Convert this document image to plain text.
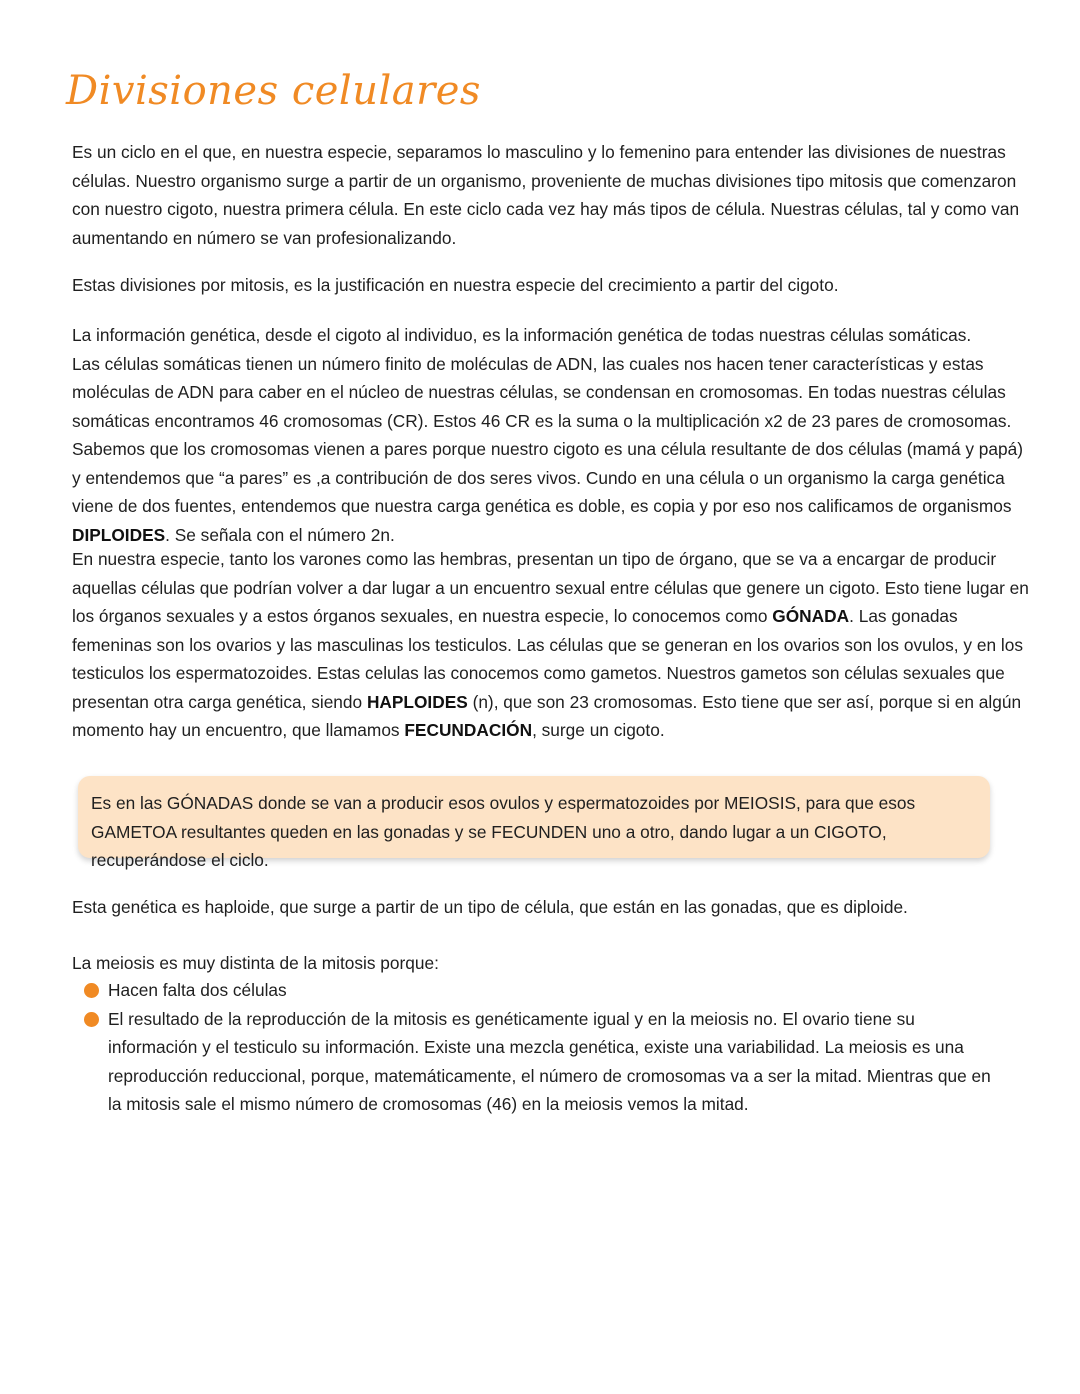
Divisiones celulares

Es un ciclo en el que, en nuestra especie, separamos lo masculino y lo femenino para entender las divisiones de nuestras células. Nuestro organismo surge a partir de un organismo, proveniente de muchas divisiones tipo mitosis que comenzaron con nuestro cigoto, nuestra primera célula. En este ciclo cada vez hay más tipos de célula. Nuestras células, tal y como van aumentando en número se van profesionalizando.

Estas divisiones por mitosis, es la justificación en nuestra especie del crecimiento a partir del cigoto.

La información genética, desde el cigoto al individuo, es la información genética de todas nuestras células somáticas.
Las células somáticas tienen un número finito de moléculas de ADN, las cuales nos hacen tener características y estas moléculas de ADN para caber en el núcleo de nuestras células, se condensan en cromosomas. En todas nuestras células somáticas encontramos 46 cromosomas (CR). Estos 46 CR es la suma o la multiplicación x2 de 23 pares de cromosomas. Sabemos que los cromosomas vienen a pares porque nuestro cigoto es una célula resultante de dos células (mamá y papá) y entendemos que “a pares” es ,a contribución de dos seres vivos. Cundo en una célula o un organismo la carga genética viene de dos fuentes, entendemos que nuestra carga genética es doble, es copia y por eso nos calificamos de organismos DIPLOIDES. Se señala con el número 2n.

En nuestra especie, tanto los varones como las hembras, presentan un tipo de órgano, que se va a encargar de producir aquellas células que podrían volver a dar lugar a un encuentro sexual entre células que genere un cigoto. Esto tiene lugar en los órganos sexuales y a estos órganos sexuales, en nuestra especie, lo conocemos como GÓNADA. Las gonadas femeninas son los ovarios y las masculinas los testiculos. Las células que se generan en los ovarios son los ovulos, y en los testiculos los espermatozoides. Estas celulas las conocemos como gametos. Nuestros gametos son células sexuales que presentan otra carga genética, siendo HAPLOIDES (n), que son 23 cromosomas. Esto tiene que ser así, porque si en algún momento hay un encuentro, que llamamos FECUNDACIÓN, surge un cigoto.

Es en las GÓNADAS donde se van a producir esos ovulos y espermatozoides por MEIOSIS, para que esos GAMETOA resultantes queden en las gonadas y se FECUNDEN uno a otro, dando lugar a un CIGOTO, recuperándose el ciclo.

Esta genética es haploide, que surge a partir de un tipo de célula, que están en las gonadas, que es diploide.

La meiosis es muy distinta de la mitosis porque:

Hacen falta dos células
El resultado de la reproducción de la mitosis es genéticamente igual y en la meiosis no. El ovario tiene su información y el testiculo su información. Existe una mezcla genética, existe una variabilidad. La meiosis es una reproducción reduccional, porque, matemáticamente, el número de cromosomas va a ser la mitad. Mientras que en la mitosis sale el mismo número de cromosomas (46) en la meiosis vemos la mitad.
